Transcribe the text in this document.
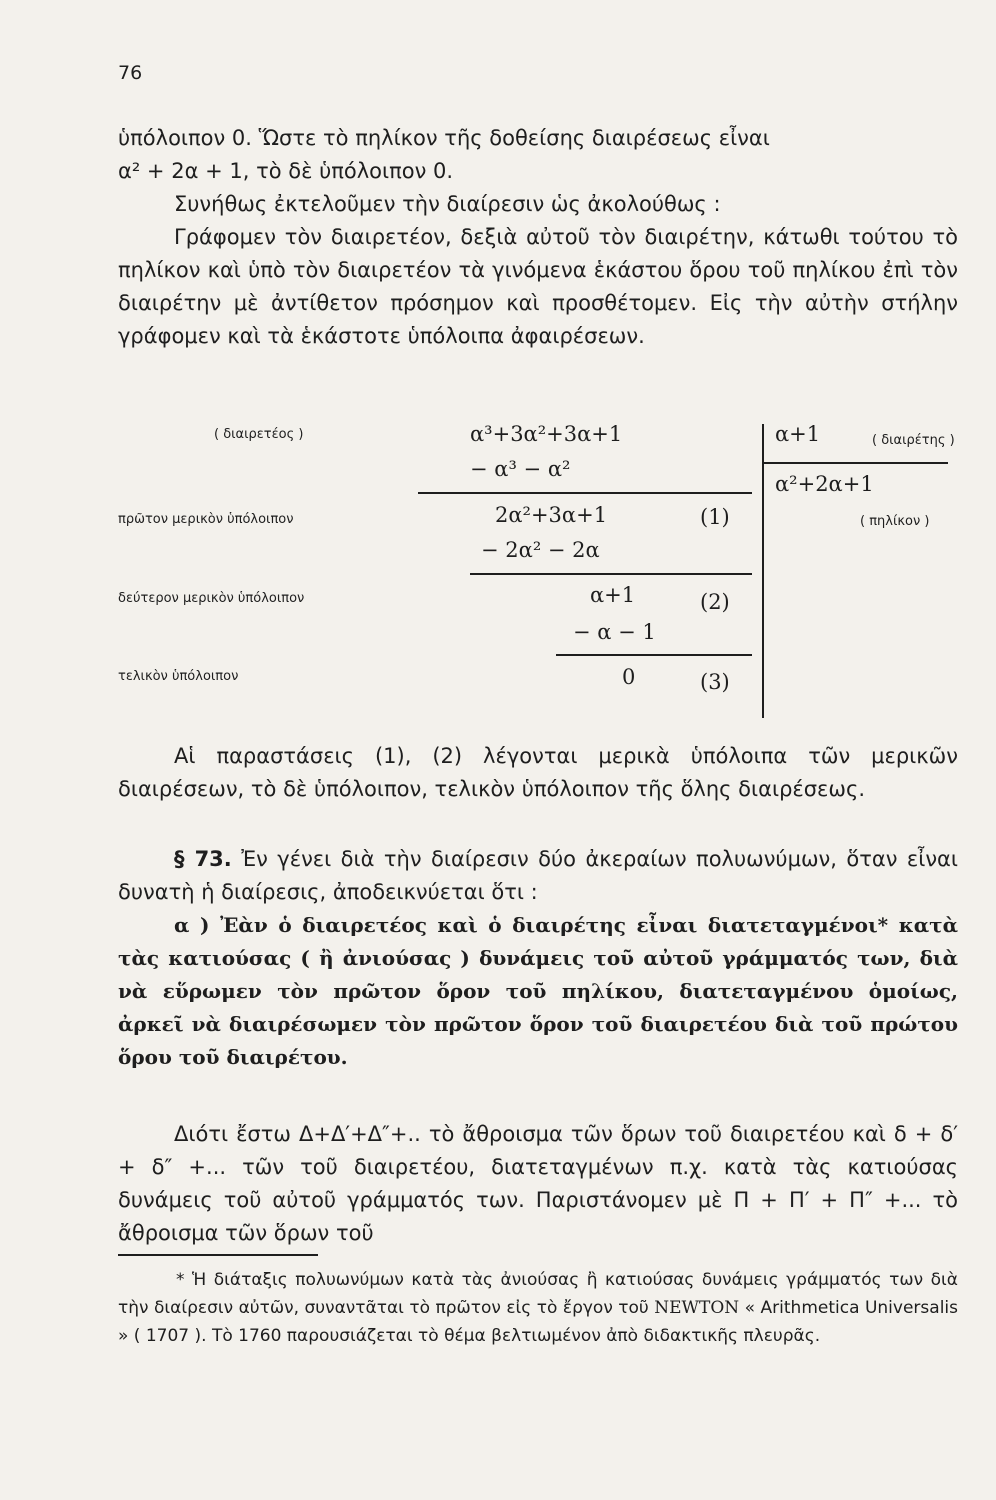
76

ὑπόλοιπον 0. Ὥστε τὸ πηλίκον τῆς δοθείσης διαιρέσεως εἶναι

α² + 2α + 1, τὸ δὲ ὑπόλοιπον 0.

Συνήθως ἐκτελοῦμεν τὴν διαίρεσιν ὡς ἀκολούθως :

Γράφομεν τὸν διαιρετέον, δεξιὰ αὐτοῦ τὸν διαιρέτην, κάτωθι τούτου τὸ πηλίκον καὶ ὑπὸ τὸν διαιρετέον τὰ γινόμενα ἑκάστου ὅρου τοῦ πηλίκου ἐπὶ τὸν διαιρέτην μὲ ἀντίθετον πρόσημον καὶ προσθέτομεν. Εἰς τὴν αὐτὴν στήλην γράφομεν καὶ τὰ ἑκάστοτε ὑπόλοιπα ἀφαιρέσεων.

( διαιρετέος )	α³+3α²+3α+1	α+1	( διαιρέτης )
α²+2α+1
( πηλίκον )
− α³ − α²
πρῶτον μερικὸν ὑπόλοιπον	2α²+3α+1	(1)
− 2α² − 2α
δεύτερον μερικὸν ὑπόλοιπον	α+1	(2)
− α − 1
τελικὸν ὑπόλοιπον	0	(3)

Αἱ παραστάσεις (1), (2) λέγονται μερικὰ ὑπόλοιπα τῶν μερικῶν διαιρέσεων, τὸ δὲ ὑπόλοιπον, τελικὸν ὑπόλοιπον τῆς ὅλης διαιρέσεως.

§ 73. Ἐν γένει διὰ τὴν διαίρεσιν δύο ἀκεραίων πολυωνύμων, ὅταν εἶναι δυνατὴ ἡ διαίρεσις, ἀποδεικνύεται ὅτι :

α ) Ἐὰν ὁ διαιρετέος καὶ ὁ διαιρέτης εἶναι διατεταγμένοι* κατὰ τὰς κατιούσας ( ἢ ἀνιούσας ) δυνάμεις τοῦ αὐτοῦ γράμματός των, διὰ νὰ εὕρωμεν τὸν πρῶτον ὅρον τοῦ πηλίκου, διατεταγμένου ὁμοίως, ἀρκεῖ νὰ διαιρέσωμεν τὸν πρῶτον ὅρον τοῦ διαιρετέου διὰ τοῦ πρώτου ὅρου τοῦ διαιρέτου.

Διότι ἔστω Δ+Δ′+Δ″+.. τὸ ἄθροισμα τῶν ὅρων τοῦ διαιρετέου καὶ δ + δ′ + δ″ +... τῶν τοῦ διαιρετέου, διατεταγμένων π.χ. κατὰ τὰς κατιούσας δυνάμεις τοῦ αὐτοῦ γράμματός των. Παριστάνομεν μὲ Π + Π′ + Π″ +... τὸ ἄθροισμα τῶν ὅρων τοῦ

* Ἡ διάταξις πολυωνύμων κατὰ τὰς ἀνιούσας ἢ κατιούσας δυνάμεις γράμματός των διὰ τὴν διαίρεσιν αὐτῶν, συναντᾶται τὸ πρῶτον εἰς τὸ ἔργον τοῦ NEWTON « Arithmetica Universalis » ( 1707 ). Τὸ 1760 παρουσιάζεται τὸ θέμα βελτιωμένον ἀπὸ διδακτικῆς πλευρᾶς.
